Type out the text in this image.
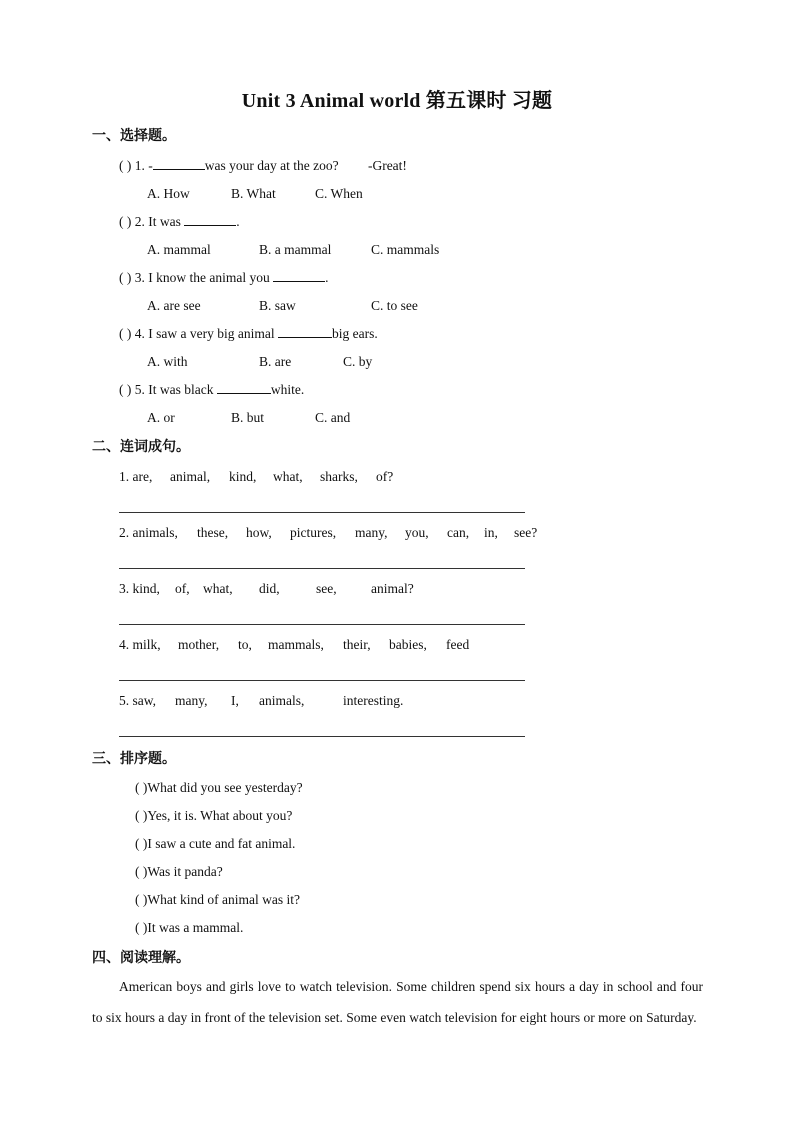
Unit 3 Animal world 第五课时 习题
一、选择题。
( ) 1. -	was your day at the zoo? -Great!
A. How	B. What	C. When
( ) 2. It was	.
A. mammal	B. a mammal	C. mammals
( ) 3. I know the animal you	.
A. are see	B. saw	C. to see
( ) 4. I saw a very big animal	big ears.
A. with	B. are	C. by
( ) 5. It was black	white.
A. or	B. but	C. and
二、连词成句。
1. are, animal, kind, what, sharks, of?
2. animals, these, how, pictures, many, you, can, in, see?
3. kind, of, what, did,	see,	animal?
4. milk, mother, to, mammals, their, babies, feed
5. saw, many, I, animals,	interesting.
三、排序题。
( )What did you see yesterday?
( )Yes, it is. What about you?
( )I saw a cute and fat animal.
( )Was it panda?
( )What kind of animal was it?
( )It was a mammal.
四、阅读理解。
American boys and girls love to watch television. Some children spend six hours a day in school and four to six hours a day in front of the television set. Some even watch television for eight hours or more on Saturday.
